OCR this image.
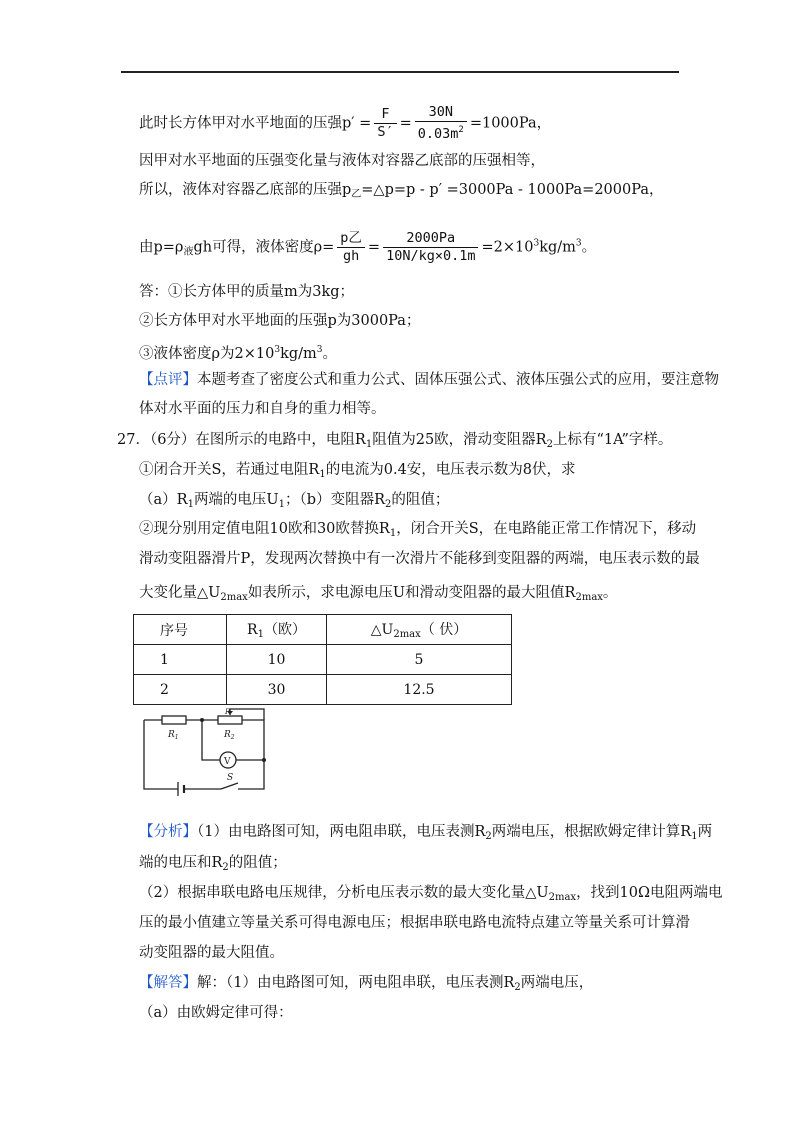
此时长方体甲对水平地面的压强$p' = \frac{F}{S'} = \frac{30N}{0.03m^2} =1000Pa$，
因甲对水平地面的压强变化量与液体对容器乙底部的压强相等，
所以，液体对容器乙底部的压强$p_乙=\triangle p=p - p' =3000Pa - 1000Pa=2000Pa$，
由$p=\rho_液gh$可得，液体密度$\rho= \frac{\text{p乙}}{gh} = \frac{2000Pa}{10N/kg\times 0.1m} =2\times 10^3kg/m^3$。
答：①长方体甲的质量m为3kg；
②长方体甲对水平地面的压强p为3000Pa；
③液体密度ρ为$2\times 10^3kg/m^3$。
【点评】本题考查了密度公式和重力公式、固体压强公式、液体压强公式的应用，要注意物
体对水平面的压力和自身的重力相等。
27．（6分）在图所示的电路中，电阻$R_1$阻值为25欧，滑动变阻器$R_2$上标有“1A”字样。
①闭合开关S，若通过电阻$R_1$的电流为0.4安，电压表示数为8伏，求
$(a)R_1$两端的电压$U_1$；（b）变阻器$R_2$的阻值；
②现分别用定值电阻10欧和30欧替换$R_1$，闭合开关S，在电路能正常工作情况下，移动
滑动变阻器滑片P，发现两次替换中有一次滑片不能移到变阻器的两端，电压表示数的最
大变化量$\triangle U_{2max}$如表所示，求电源电压U和滑动变阻器的最大阻值$R_{2max}$。
序号	$R_1$（欧）	$\triangle U_{2max}$（ 伏）
1	10	5
2	30	12.5
$R_1$	$R_2$
P
V
S
【分析】（1）由电路图可知，两电阻串联，电压表测$R_2$两端电压，根据欧姆定律计算$R_1$两
端的电压和$R_2$的阻值；
（2）根据串联电路电压规律，分析电压表示数的最大变化量$\triangle U_{2max}$，找到10Ω电阻两端电
压的最小值建立等量关系可得电源电压；根据串联电路电流特点建立等量关系可计算滑
动变阻器的最大阻值。
【解答】解：（1）由电路图可知，两电阻串联，电压表测$R_2$两端电压，
（a）由欧姆定律可得：
